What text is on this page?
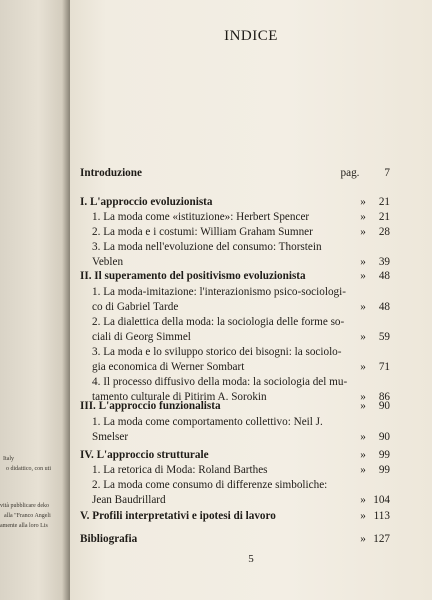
Italy
o didattico, con uti
vità pubblicare deko
alla "Franco Angeli
amente alla loro Lis
INDICE
Introduzione	pag.	7
I. L'approccio evoluzionista	» 21
1. La moda come «istituzione»: Herbert Spencer	» 21
2. La moda e i costumi: William Graham Sumner	» 28
3. La moda nell'evoluzione del consumo: Thorstein
Veblen	» 39
II. Il superamento del positivismo evoluzionista	» 48
1. La moda-imitazione: l'interazionismo psico-sociologi-
co di Gabriel Tarde	» 48
2. La dialettica della moda: la sociologia delle forme so-
ciali di Georg Simmel	» 59
3. La moda e lo sviluppo storico dei bisogni: la sociolo-
gia economica di Werner Sombart	» 71
4. Il processo diffusivo della moda: la sociologia del mu-
tamento culturale di Pitirim A. Sorokin	» 86
III. L'approccio funzionalista	» 90
1. La moda come comportamento collettivo: Neil J.
Smelser	» 90
IV. L'approccio strutturale	» 99
1. La retorica di Moda: Roland Barthes	» 99
2. La moda come consumo di differenze simboliche:
Jean Baudrillard	» 104
V. Profili interpretativi e ipotesi di lavoro	» 113
Bibliografia	» 127
5
